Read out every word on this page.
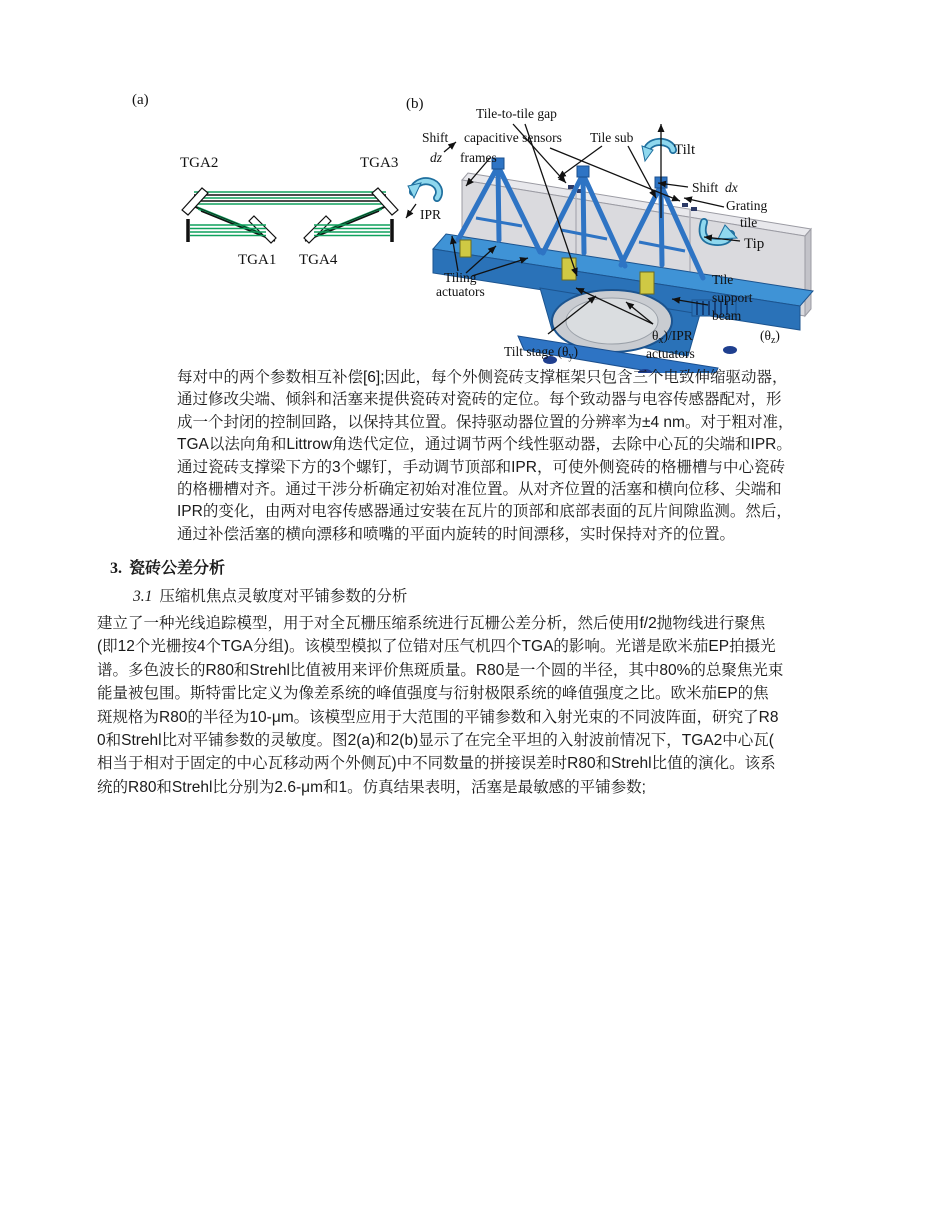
(a)
TGA2	TGA3
TGA1 TGA4
(b)
Tile-to-tile gap
Shift
dz
capacitive sensors
frames
Tile sub
Tilt
Shift dx
Grating
tile
Tip
IPR
Tiling
actuators
Tilt stage $(\theta_y)$
$\theta_x$)/IPR
actuators
$(\theta_z)$
Tile
support
beam
每对中的两个参数相互补偿[6];因此，每个外侧瓷砖支撑框架只包含三个电致伸缩驱动器，
通过修改尖端、倾斜和活塞来提供瓷砖对瓷砖的定位。每个致动器与电容传感器配对，形
成一个封闭的控制回路，以保持其位置。保持驱动器位置的分辨率为±4 nm。对于粗对准，
TGA以法向角和Littrow角迭代定位，通过调节两个线性驱动器，去除中心瓦的尖端和IPR。
通过瓷砖支撑梁下方的3个螺钉，手动调节顶部和IPR，可使外侧瓷砖的格栅槽与中心瓷砖
的格栅槽对齐。通过干涉分析确定初始对准位置。从对齐位置的活塞和横向位移、尖端和
IPR的变化，由两对电容传感器通过安装在瓦片的顶部和底部表面的瓦片间隙监测。然后，
通过补偿活塞的横向漂移和喷嘴的平面内旋转的时间漂移，实时保持对齐的位置。
3. 瓷砖公差分析
3.1 压缩机焦点灵敏度对平铺参数的分析
建立了一种光线追踪模型，用于对全瓦栅压缩系统进行瓦栅公差分析，然后使用f/2抛物线进行聚焦
(即12个光栅按4个TGA分组)。该模型模拟了位错对压气机四个TGA的影响。光谱是欧米茄EP拍摄光
谱。多色波长的R80和Strehl比值被用来评价焦斑质量。R80是一个圆的半径，其中80%的总聚焦光束
能量被包围。斯特雷比定义为像差系统的峰值强度与衍射极限系统的峰值强度之比。欧米茄EP的焦
斑规格为R80的半径为10-μm。该模型应用于大范围的平铺参数和入射光束的不同波阵面，研究了R8
0和Strehl比对平铺参数的灵敏度。图2(a)和2(b)显示了在完全平坦的入射波前情况下，TGA2中心瓦(
相当于相对于固定的中心瓦移动两个外侧瓦)中不同数量的拼接误差时R80和Strehl比值的演化。该系
统的R80和Strehl比分别为2.6-μm和1。仿真结果表明，活塞是最敏感的平铺参数;
